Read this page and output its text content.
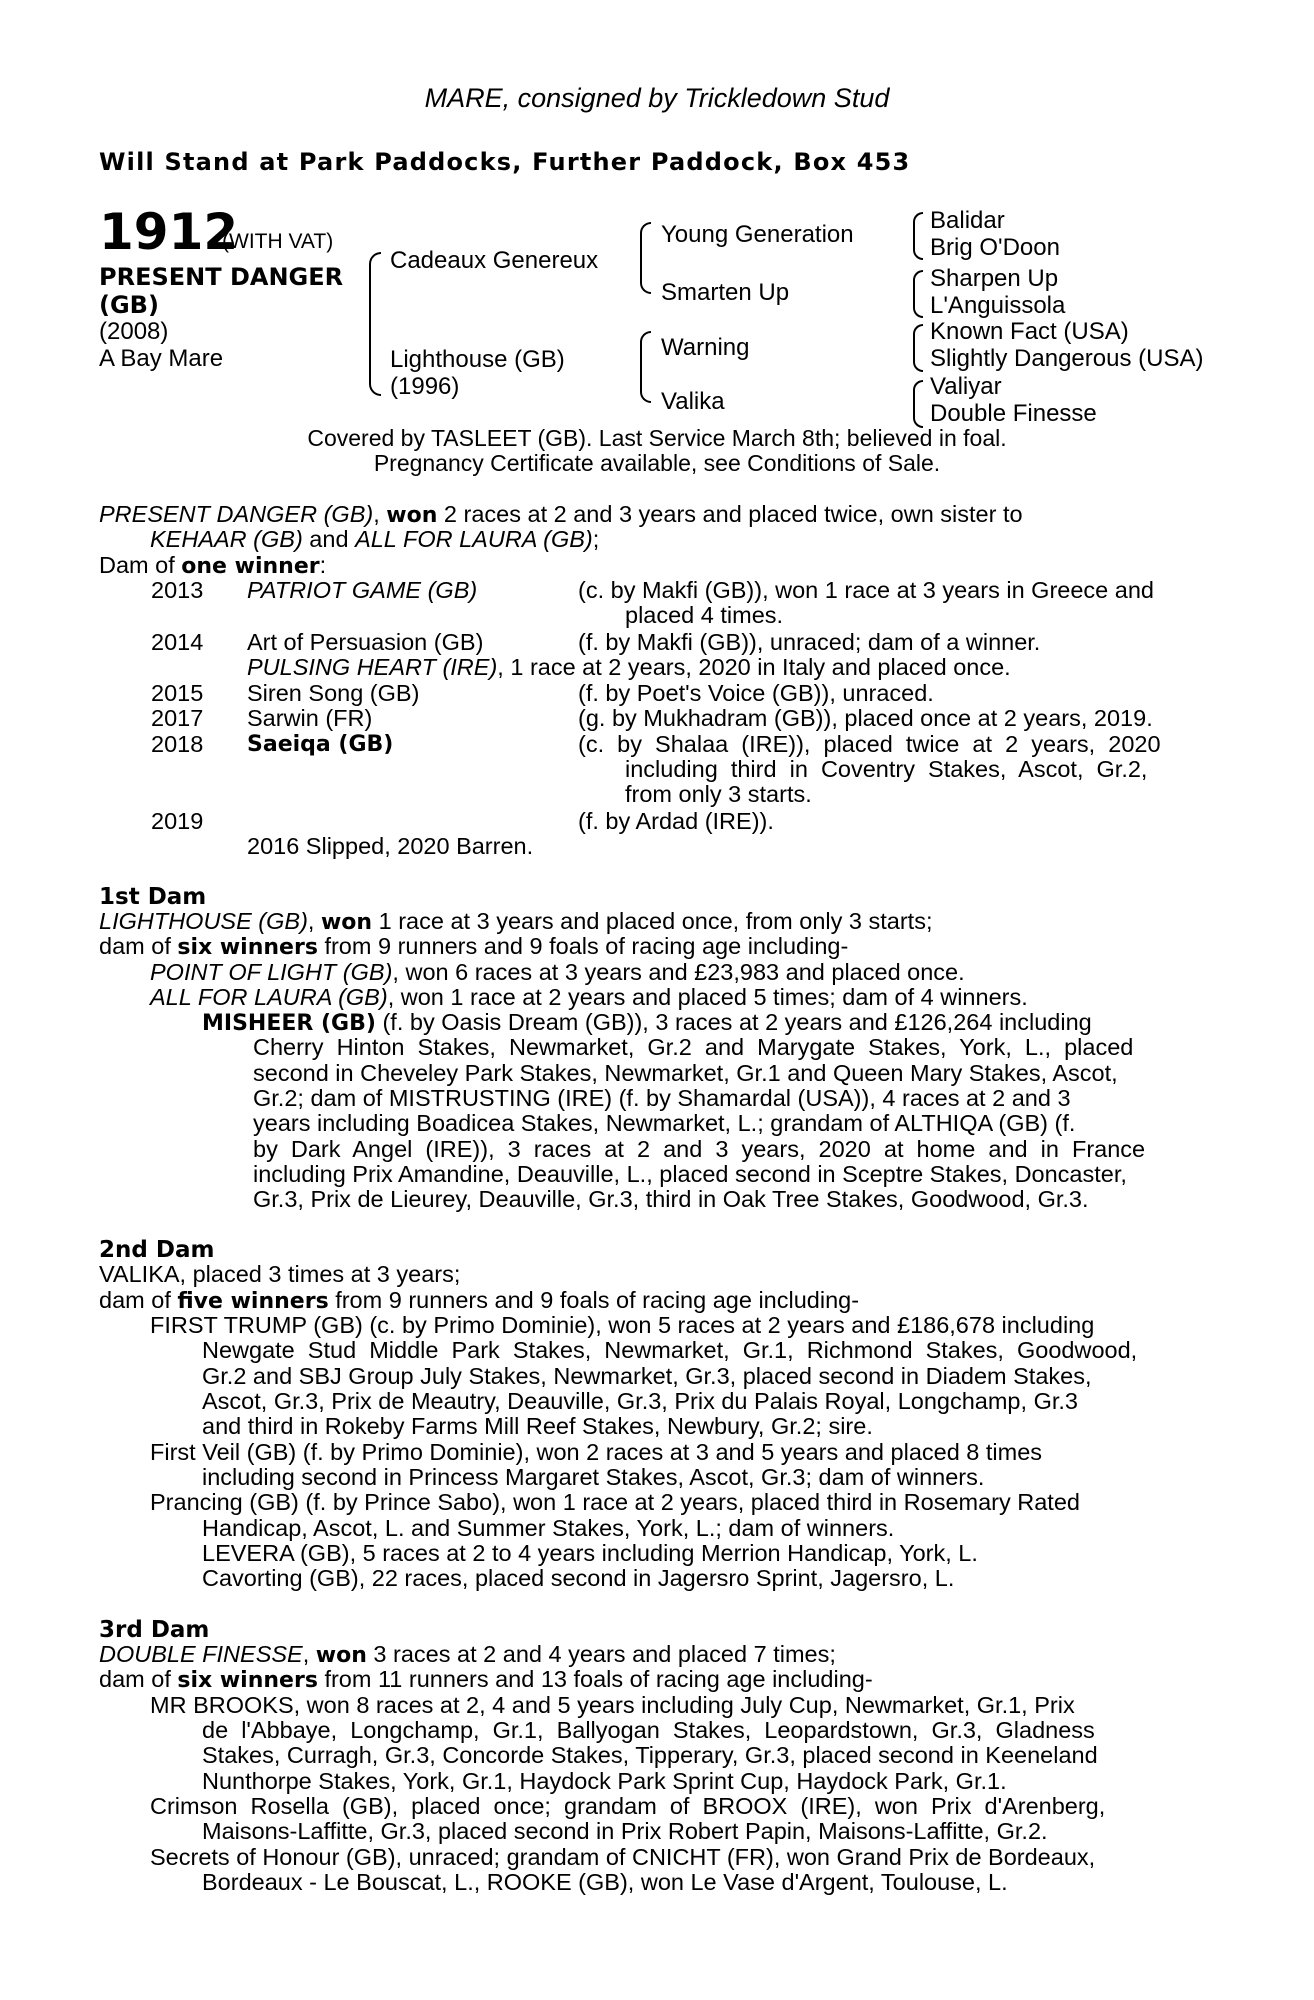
MARE, consigned by Trickledown Stud
Will Stand at Park Paddocks, Further Paddock, Box 453
1912
(WITH VAT)
PRESENT DANGER
(GB)
(2008)
A Bay Mare
Cadeaux Genereux
Lighthouse (GB)
(1996)
Young Generation
Smarten Up
Warning
Valika
Balidar
Brig O'Doon
Sharpen Up
L'Anguissola
Known Fact (USA)
Slightly Dangerous (USA)
Valiyar
Double Finesse
Covered by TASLEET (GB). Last Service March 8th; believed in foal.
Pregnancy Certificate available, see Conditions of Sale.
PRESENT DANGER (GB), won 2 races at 2 and 3 years and placed twice, own sister to
KEHAAR (GB) and ALL FOR LAURA (GB);
Dam of one winner:
2013 PATRIOT GAME (GB)	(c. by Makfi (GB)), won 1 race at 3 years in Greece and
placed 4 times.
2014 Art of Persuasion (GB)	(f. by Makfi (GB)), unraced; dam of a winner.
PULSING HEART (IRE), 1 race at 2 years, 2020 in Italy and placed once.
2015 Siren Song (GB)	(f. by Poet's Voice (GB)), unraced.
2017 Sarwin (FR)	(g. by Mukhadram (GB)), placed once at 2 years, 2019.
2018 Saeiqa (GB)	(c.  by  Shalaa  (IRE)),  placed  twice  at  2  years,  2020
including  third  in  Coventry  Stakes,  Ascot,  Gr.2,
from only 3 starts.
2019	(f. by Ardad (IRE)).
2016 Slipped, 2020 Barren.
1st Dam
LIGHTHOUSE (GB), won 1 race at 3 years and placed once, from only 3 starts;
dam of six winners from 9 runners and 9 foals of racing age including-
POINT OF LIGHT (GB), won 6 races at 3 years and £23,983 and placed once.
ALL FOR LAURA (GB), won 1 race at 2 years and placed 5 times; dam of 4 winners.
MISHEER (GB) (f. by Oasis Dream (GB)), 3 races at 2 years and £126,264 including
Cherry  Hinton  Stakes,  Newmarket,  Gr.2  and  Marygate  Stakes,  York,  L.,  placed
second in Cheveley Park Stakes, Newmarket, Gr.1 and Queen Mary Stakes, Ascot,
Gr.2; dam of MISTRUSTING (IRE) (f. by Shamardal (USA)), 4 races at 2 and 3
years including Boadicea Stakes, Newmarket, L.; grandam of ALTHIQA (GB) (f.
by  Dark  Angel  (IRE)),  3  races  at  2  and  3  years,  2020  at  home  and  in  France
including Prix Amandine, Deauville, L., placed second in Sceptre Stakes, Doncaster,
Gr.3, Prix de Lieurey, Deauville, Gr.3, third in Oak Tree Stakes, Goodwood, Gr.3.
2nd Dam
VALIKA, placed 3 times at 3 years;
dam of five winners from 9 runners and 9 foals of racing age including-
FIRST TRUMP (GB) (c. by Primo Dominie), won 5 races at 2 years and £186,678 including
Newgate  Stud  Middle  Park  Stakes,  Newmarket,  Gr.1,  Richmond  Stakes,  Goodwood,
Gr.2 and SBJ Group July Stakes, Newmarket, Gr.3, placed second in Diadem Stakes,
Ascot, Gr.3, Prix de Meautry, Deauville, Gr.3, Prix du Palais Royal, Longchamp, Gr.3
and third in Rokeby Farms Mill Reef Stakes, Newbury, Gr.2; sire.
First Veil (GB) (f. by Primo Dominie), won 2 races at 3 and 5 years and placed 8 times
including second in Princess Margaret Stakes, Ascot, Gr.3; dam of winners.
Prancing (GB) (f. by Prince Sabo), won 1 race at 2 years, placed third in Rosemary Rated
Handicap, Ascot, L. and Summer Stakes, York, L.; dam of winners.
LEVERA (GB), 5 races at 2 to 4 years including Merrion Handicap, York, L.
Cavorting (GB), 22 races, placed second in Jagersro Sprint, Jagersro, L.
3rd Dam
DOUBLE FINESSE, won 3 races at 2 and 4 years and placed 7 times;
dam of six winners from 11 runners and 13 foals of racing age including-
MR BROOKS, won 8 races at 2, 4 and 5 years including July Cup, Newmarket, Gr.1, Prix
de  l'Abbaye,  Longchamp,  Gr.1,  Ballyogan  Stakes,  Leopardstown,  Gr.3,  Gladness
Stakes, Curragh, Gr.3, Concorde Stakes, Tipperary, Gr.3, placed second in Keeneland
Nunthorpe Stakes, York, Gr.1, Haydock Park Sprint Cup, Haydock Park, Gr.1.
Crimson  Rosella  (GB),  placed  once;  grandam  of  BROOX  (IRE),  won  Prix  d'Arenberg,
Maisons-Laffitte, Gr.3, placed second in Prix Robert Papin, Maisons-Laffitte, Gr.2.
Secrets of Honour (GB), unraced; grandam of CNICHT (FR), won Grand Prix de Bordeaux,
Bordeaux - Le Bouscat, L., ROOKE (GB), won Le Vase d'Argent, Toulouse, L.
